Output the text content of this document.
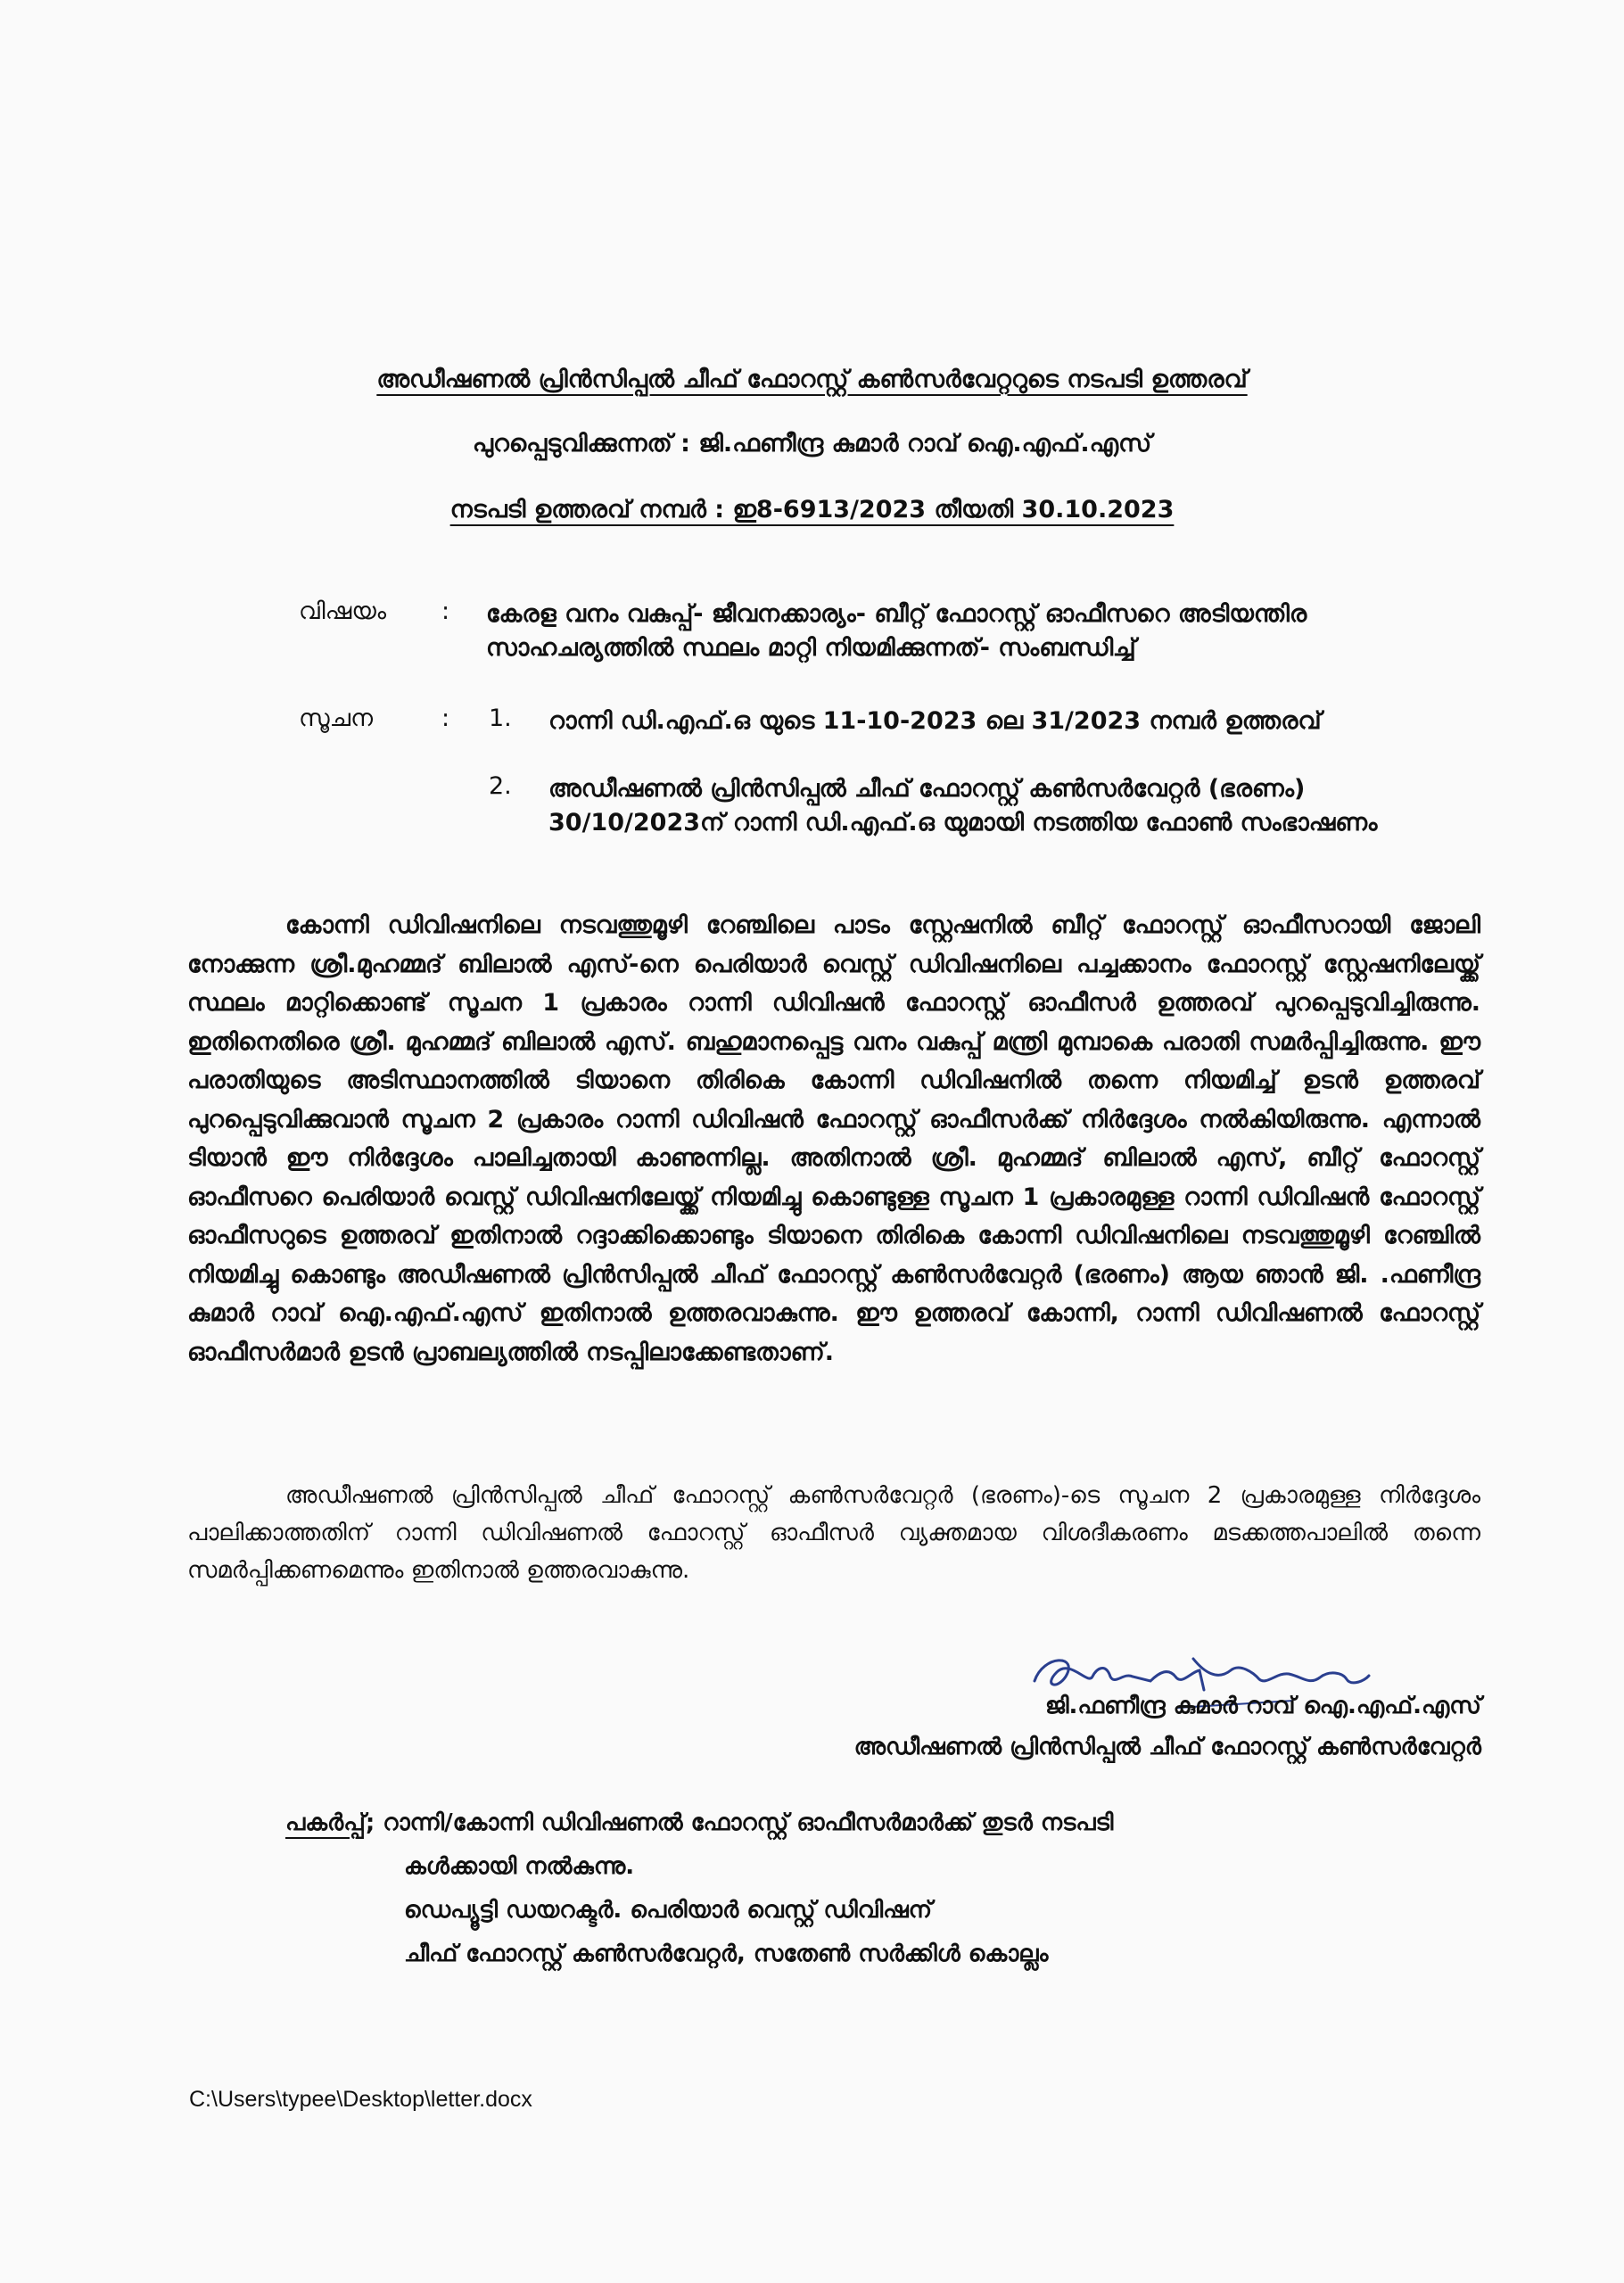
അഡീഷണൽ പ്രിൻസിപ്പൽ ചീഫ് ഫോറസ്റ്റ് കൺസർവേറ്ററുടെ നടപടി ഉത്തരവ്
പുറപ്പെടുവിക്കുന്നത് : ജി.ഫണീന്ദ്ര കുമാർ റാവ് ഐ.എഫ്.എസ്
നടപടി ഉത്തരവ് നമ്പർ : ഇ8-6913/2023 തീയതി 30.10.2023
വിഷയം : കേരള വനം വകുപ്പ്- ജീവനക്കാര്യം- ബീറ്റ് ഫോറസ്റ്റ് ഓഫീസറെ അടിയന്തിര സാഹചര്യത്തിൽ സ്ഥലം മാറ്റി നിയമിക്കുന്നത്- സംബന്ധിച്ച്
സൂചന	: 1. റാന്നി ഡി.എഫ്.ഒ യുടെ 11-10-2023 ലെ 31/2023 നമ്പർ ഉത്തരവ്
2. അഡീഷണൽ പ്രിൻസിപ്പൽ ചീഫ് ഫോറസ്റ്റ് കൺസർവേറ്റർ (ഭരണം) 30/10/2023ന് റാന്നി ഡി.എഫ്.ഒ യുമായി നടത്തിയ ഫോൺ സംഭാഷണം
കോന്നി ഡിവിഷനിലെ നടവത്തുമൂഴി റേഞ്ചിലെ പാടം സ്റ്റേഷനിൽ ബീറ്റ് ഫോറസ്റ്റ് ഓഫീസറായി ജോലി നോക്കുന്ന ശ്രീ.മുഹമ്മദ് ബിലാൽ എസ്-നെ പെരിയാർ വെസ്റ്റ് ഡിവിഷനിലെ പച്ചക്കാനം ഫോറസ്റ്റ് സ്റ്റേഷനിലേയ്ക്ക് സ്ഥലം മാറ്റിക്കൊണ്ട് സൂചന 1 പ്രകാരം റാന്നി ഡിവിഷൻ ഫോറസ്റ്റ് ഓഫീസർ ഉത്തരവ് പുറപ്പെടുവിച്ചിരുന്നു. ഇതിനെതിരെ ശ്രീ. മുഹമ്മദ് ബിലാൽ എസ്. ബഹുമാനപ്പെട്ട വനം വകുപ്പ് മന്ത്രി മുമ്പാകെ പരാതി സമർപ്പിച്ചിരുന്നു. ഈ പരാതിയുടെ അടിസ്ഥാനത്തിൽ ടിയാനെ തിരികെ കോന്നി ഡിവിഷനിൽ തന്നെ നിയമിച്ച് ഉടൻ ഉത്തരവ് പുറപ്പെടുവിക്കുവാൻ സൂചന 2 പ്രകാരം റാന്നി ഡിവിഷൻ ഫോറസ്റ്റ് ഓഫീസർക്ക് നിർദ്ദേശം നൽകിയിരുന്നു. എന്നാൽ ടിയാൻ ഈ നിർദ്ദേശം പാലിച്ചതായി കാണുന്നില്ല. അതിനാൽ ശ്രീ. മുഹമ്മദ് ബിലാൽ എസ്, ബീറ്റ് ഫോറസ്റ്റ് ഓഫീസറെ പെരിയാർ വെസ്റ്റ് ഡിവിഷനിലേയ്ക്ക് നിയമിച്ചു കൊണ്ടുള്ള സൂചന 1 പ്രകാരമുള്ള റാന്നി ഡിവിഷൻ ഫോറസ്റ്റ് ഓഫീസറുടെ ഉത്തരവ് ഇതിനാൽ റദ്ദാക്കിക്കൊണ്ടും ടിയാനെ തിരികെ കോന്നി ഡിവിഷനിലെ നടവത്തുമൂഴി റേഞ്ചിൽ നിയമിച്ചു കൊണ്ടും അഡീഷണൽ പ്രിൻസിപ്പൽ ചീഫ് ഫോറസ്റ്റ് കൺസർവേറ്റർ (ഭരണം) ആയ ഞാൻ ജി. .ഫണീന്ദ്ര കുമാർ റാവ് ഐ.എഫ്.എസ് ഇതിനാൽ ഉത്തരവാകുന്നു. ഈ ഉത്തരവ് കോന്നി, റാന്നി ഡിവിഷണൽ ഫോറസ്റ്റ് ഓഫീസർമാർ ഉടൻ പ്രാബല്യത്തിൽ നടപ്പിലാക്കേണ്ടതാണ്.
അഡീഷണൽ പ്രിൻസിപ്പൽ ചീഫ് ഫോറസ്റ്റ് കൺസർവേറ്റർ (ഭരണം)-ടെ സൂചന 2 പ്രകാരമുള്ള നിർദ്ദേശം പാലിക്കാത്തതിന് റാന്നി ഡിവിഷണൽ ഫോറസ്റ്റ് ഓഫീസർ വ്യക്തമായ വിശദീകരണം മടക്കത്തപാലിൽ തന്നെ സമർപ്പിക്കണമെന്നും ഇതിനാൽ ഉത്തരവാകുന്നു.
ജി.ഫണീന്ദ്ര കുമാർ റാവ് ഐ.എഫ്.എസ്
അഡീഷണൽ പ്രിൻസിപ്പൽ ചീഫ് ഫോറസ്റ്റ് കൺസർവേറ്റർ
പകർപ്പ്; റാന്നി/കോന്നി ഡിവിഷണൽ ഫോറസ്റ്റ് ഓഫീസർമാർക്ക് തുടർ നടപടി
കൾക്കായി നൽകുന്നു.
ഡെപ്യൂട്ടി ഡയറക്ടർ. പെരിയാർ വെസ്റ്റ് ഡിവിഷന്
ചീഫ് ഫോറസ്റ്റ് കൺസർവേറ്റർ, സതേൺ സർക്കിൾ കൊല്ലം
C:\Users\typee\Desktop\letter.docx
